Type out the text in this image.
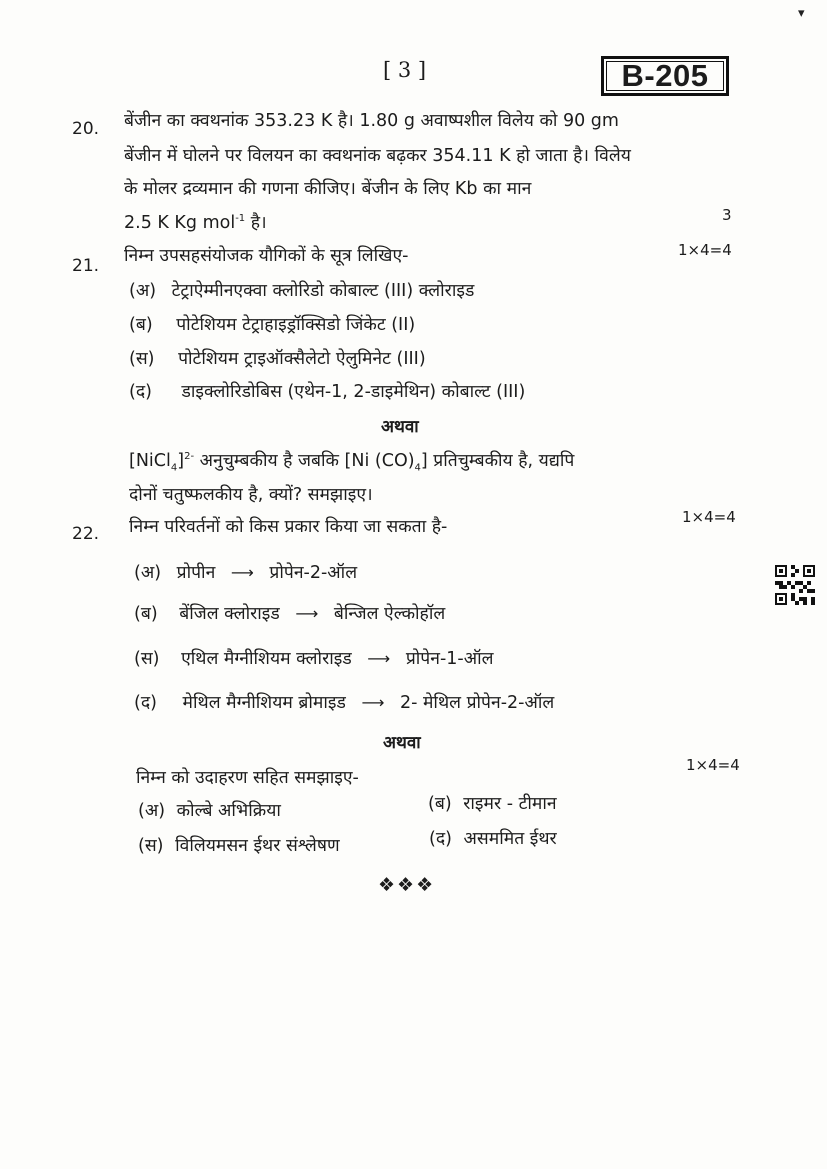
▾
[ 3 ]	B-205
20. बेंजीन का क्वथनांक 353.23 K है। 1.80 g अवाष्पशील विलेय को 90 gm
बेंजीन में घोलने पर विलयन का क्वथनांक बढ़कर 354.11 K हो जाता है। विलेय
के मोलर द्रव्यमान की गणना कीजिए। बेंजीन के लिए Kb का मान
2.5 K Kg mol$^{-1}$ है।	3
21. निम्न उपसहसंयोजक यौगिकों के सूत्र लिखिए-	1×4=4
(अ) टेट्राऐम्मीनएक्वा क्लोरिडो कोबाल्ट (III) क्लोराइड
(ब) पोटेशियम टेट्राहाइड्रॉक्सिडो जिंकेट (II)
(स) पोटेशियम ट्राइऑक्सैलेटो ऐलुमिनेट (III)
(द) डाइक्लोरिडोबिस (एथेन-1, 2-डाइमेथिन) कोबाल्ट (III)
अथवा
[NiCl$_4$]$^{2-}$ अनुचुम्बकीय है जबकि [Ni $(CO)_4$] प्रतिचुम्बकीय है, यद्यपि
दोनों चतुष्फलकीय है, क्यों? समझाइए।
22. निम्न परिवर्तनों को किस प्रकार किया जा सकता है-	1×4=4
(अ) प्रोपीन ⟶ प्रोपेन-2-ऑल
(ब) बेंजिल क्लोराइड ⟶ बेन्जिल ऐल्कोहॉल
(स) एथिल मैग्नीशियम क्लोराइड ⟶ प्रोपेन-1-ऑल
(द) मेथिल मैग्नीशियम ब्रोमाइड ⟶ 2- मेथिल प्रोपेन-2-ऑल
अथवा
निम्न को उदाहरण सहित समझाइए-
1×4=4
(अ) कोल्बे अभिक्रिया	(ब) राइमर - टीमान
(स) विलियमसन ईथर संश्लेषण	(द) असममित ईथर
❖❖❖
